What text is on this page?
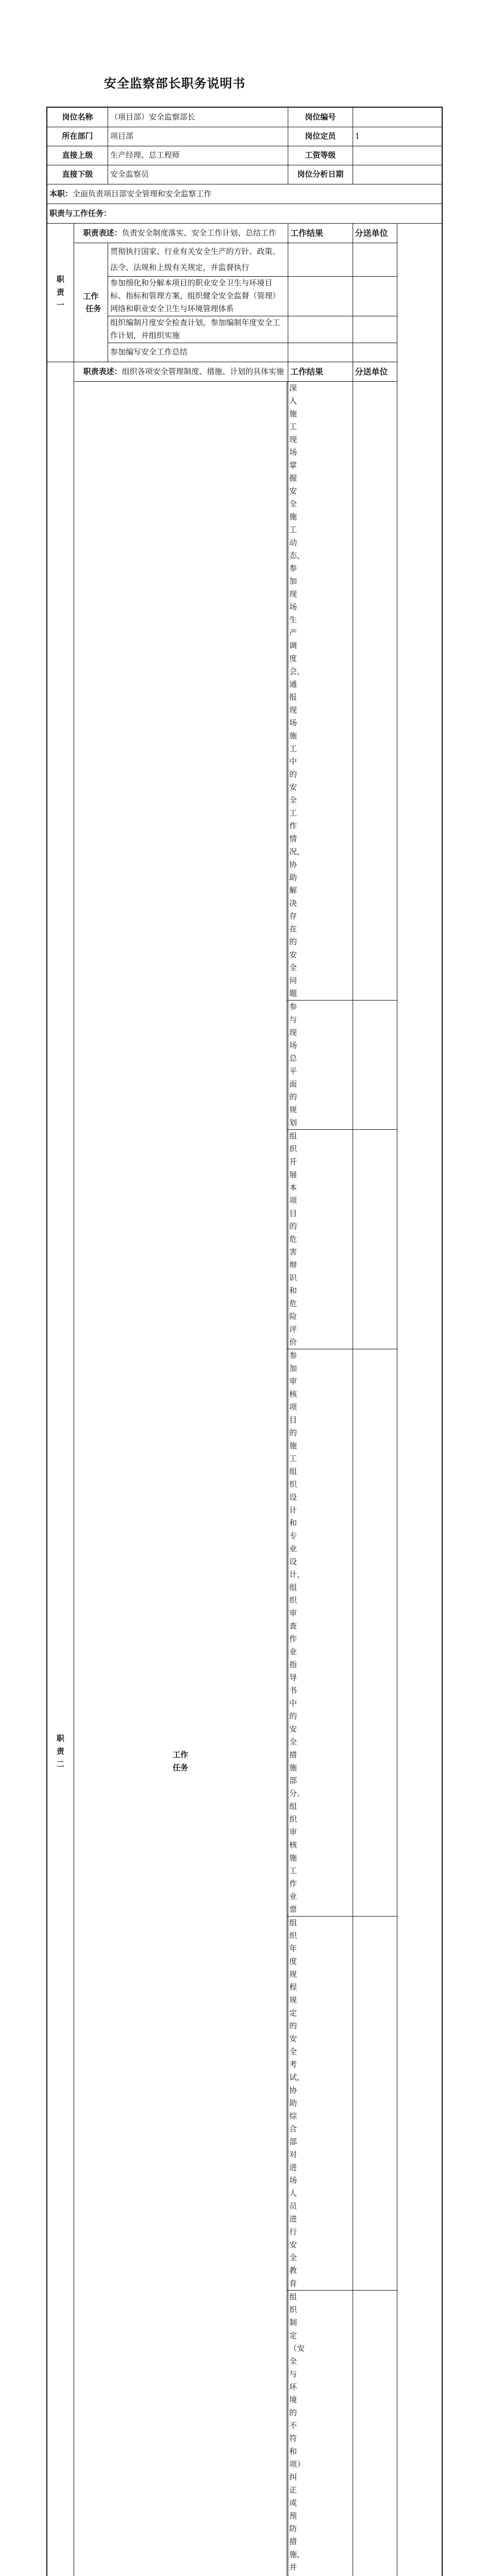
安全监察部长职务说明书
岗位名称		（项目部）安全监察部长		岗位编号	
所在部门		项目部		岗位定员	1
直接上级		生产经理、总工程师		工资等级	
直接下级		安全监察员		岗位分析日期	
本职：全面负责项目部安全管理和安全监察工作					
职责与工作任务：					

职
责
一	职责表述：负责安全制度落实、安全工作计划、总结工作			工作结果	分送单位

	工作
任务	贯彻执行国家、行业有关安全生产的方针、政策、法令、法规和上级有关规定，并监督执行			
		参加细化和分解本项目的职业安全卫生与环境目标、指标和管理方案，组织健全安全监督（管理）网络和职业安全卫生与环境管理体系			
		组织编制月度安全检查计划，参加编制年度安全工作计划，并组织实施			
		参加编写安全工作总结			

职
责
二	职责表述：组织各项安全管理制度、措施、计划的具体实施			工作结果	分送单位

	工作
任务		深入施工现场掌握安全施工动态，参加现场生产调度会，通报现场施工中的安全工作情况，协助解决存在的安全问题		
			参与现场总平面的规划		
			组织开展本项目的危害辩识和危险评价		
			参加审核项目的施工组织设计和专业设计，组织审查作业指导书中的安全措施部分。组织审核施工作业票		
			组织年度规程规定的安全考试，协助综合部对进场人员进行安全教育		
			组织制定（安全与环境的不符和项）纠正或预防措施，并		
